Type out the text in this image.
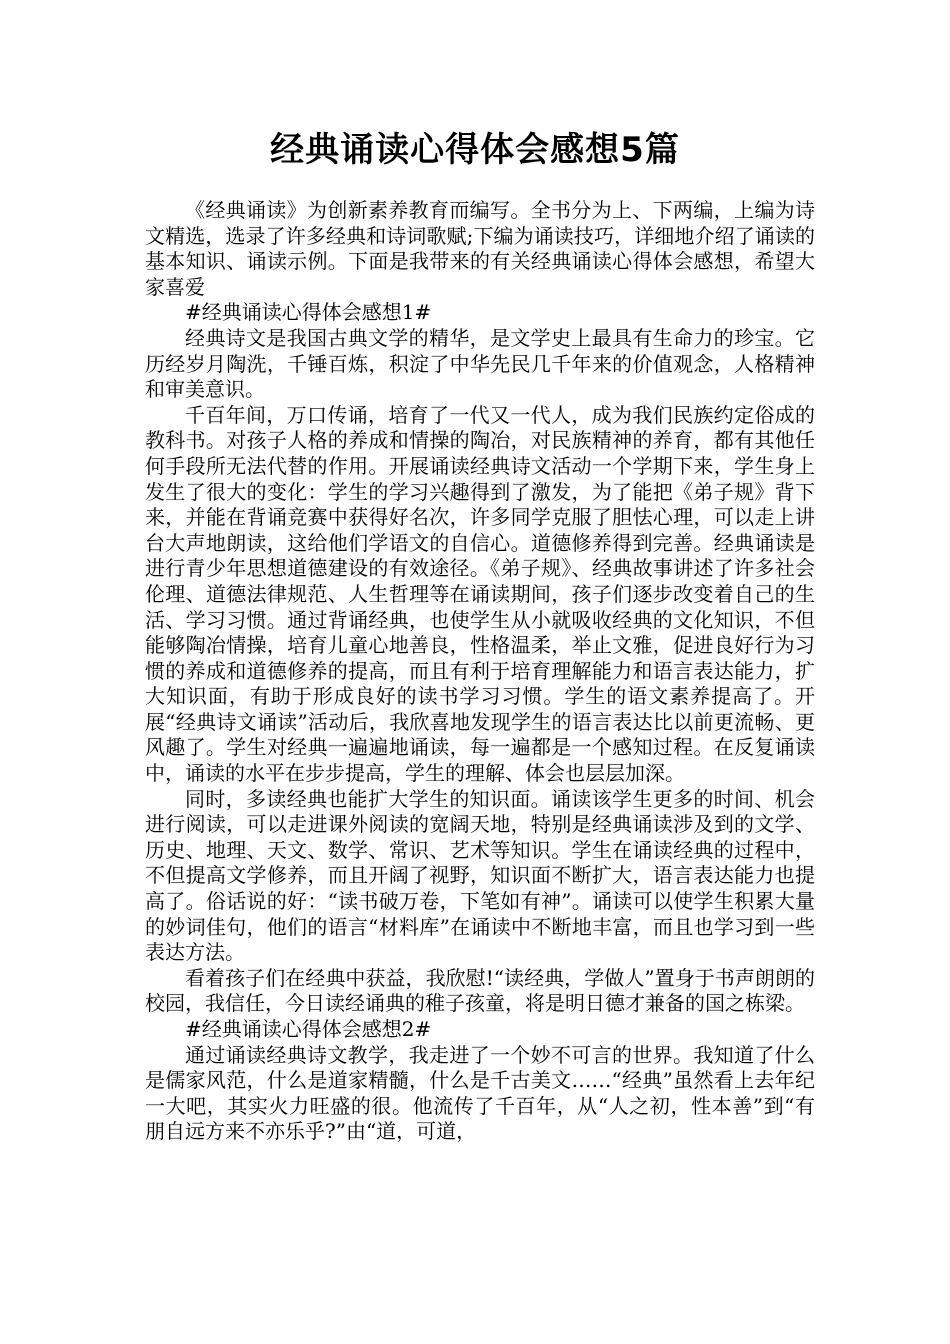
经典诵读心得体会感想5篇

《经典诵读》为创新素养教育而编写。全书分为上、下两编，上编为诗文精选，选录了许多经典和诗词歌赋;下编为诵读技巧，详细地介绍了诵读的基本知识、诵读示例。下面是我带来的有关经典诵读心得体会感想，希望大家喜爱

#经典诵读心得体会感想1#

经典诗文是我国古典文学的精华，是文学史上最具有生命力的珍宝。它历经岁月陶洗，千锤百炼，积淀了中华先民几千年来的价值观念，人格精神和审美意识。

千百年间，万口传诵，培育了一代又一代人，成为我们民族约定俗成的教科书。对孩子人格的养成和情操的陶冶，对民族精神的养育，都有其他任何手段所无法代替的作用。开展诵读经典诗文活动一个学期下来，学生身上发生了很大的变化：学生的学习兴趣得到了激发，为了能把《弟子规》背下来，并能在背诵竞赛中获得好名次，许多同学克服了胆怯心理，可以走上讲台大声地朗读，这给他们学语文的自信心。道德修养得到完善。经典诵读是进行青少年思想道德建设的有效途径。《弟子规》、经典故事讲述了许多社会伦理、道德法律规范、人生哲理等在诵读期间，孩子们逐步改变着自己的生活、学习习惯。通过背诵经典，也使学生从小就吸收经典的文化知识，不但能够陶冶情操，培育儿童心地善良，性格温柔，举止文雅，促进良好行为习惯的养成和道德修养的提高，而且有利于培育理解能力和语言表达能力，扩大知识面，有助于形成良好的读书学习习惯。学生的语文素养提高了。开展“经典诗文诵读”活动后，我欣喜地发现学生的语言表达比以前更流畅、更风趣了。学生对经典一遍遍地诵读，每一遍都是一个感知过程。在反复诵读中，诵读的水平在步步提高，学生的理解、体会也层层加深。

同时，多读经典也能扩大学生的知识面。诵读该学生更多的时间、机会进行阅读，可以走进课外阅读的宽阔天地，特别是经典诵读涉及到的文学、历史、地理、天文、数学、常识、艺术等知识。学生在诵读经典的过程中，不但提高文学修养，而且开阔了视野，知识面不断扩大，语言表达能力也提高了。俗话说的好：“读书破万卷，下笔如有神”。诵读可以使学生积累大量的妙词佳句，他们的语言“材料库”在诵读中不断地丰富，而且也学习到一些表达方法。

看着孩子们在经典中获益，我欣慰!“读经典，学做人”置身于书声朗朗的校园，我信任，今日读经诵典的稚子孩童，将是明日德才兼备的国之栋梁。

#经典诵读心得体会感想2#

通过诵读经典诗文教学，我走进了一个妙不可言的世界。我知道了什么是儒家风范，什么是道家精髓，什么是千古美文……“经典”虽然看上去年纪一大吧，其实火力旺盛的很。他流传了千百年，从“人之初，性本善”到“有朋自远方来不亦乐乎?”由“道，可道，
